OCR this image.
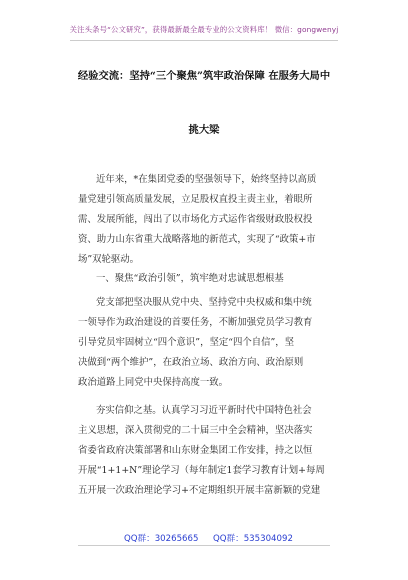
关注头条号“公文研究”，获得最新最全最专业的公文资料库！ 微信：gongwenyj
经验交流：坚持“三个聚焦”筑牢政治保障 在服务大局中
挑大梁
近年来，*在集团党委的坚强领导下，始终坚持以高质
量党建引领高质量发展，立足股权直投主责主业，着眼所
需、发展所能，闯出了以市场化方式运作省级财政股权投
资、助力山东省重大战略落地的新范式，实现了“政策+市
场”双轮驱动。
一、聚焦“政治引领”，筑牢绝对忠诚思想根基
党支部把坚决服从党中央、坚持党中央权威和集中统
一领导作为政治建设的首要任务，不断加强党员学习教育
引导党员牢固树立“四个意识”，坚定“四个自信”，坚
决做到“两个维护”，在政治立场、政治方向、政治原则
政治道路上同党中央保持高度一致。
夯实信仰之基。认真学习习近平新时代中国特色社会
主义思想，深入贯彻党的二十届三中全会精神，坚决落实
省委省政府决策部署和山东财金集团工作安排，持之以恒
开展“1+1+N”理论学习（每年制定1套学习教育计划+每周
五开展一次政治理论学习+不定期组织开展丰富新颖的党建
QQ群：30265665 QQ群：535304092
